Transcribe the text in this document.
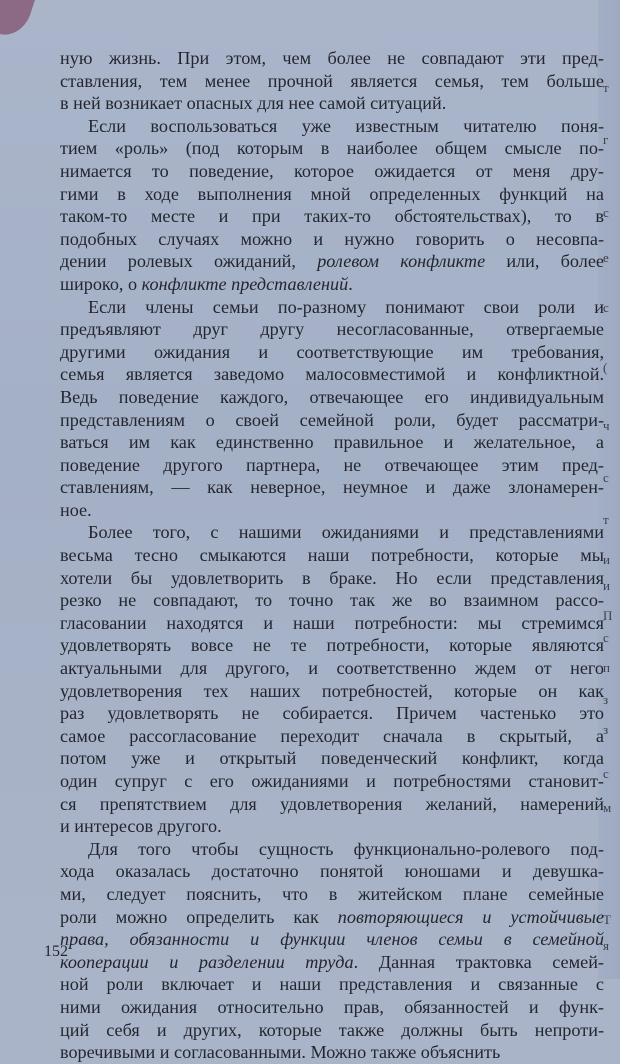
т
г
с
е
с
(
ч
с
т
и
и
П
с
п
з
з
с
м
Т
я
ную жизнь. При этом, чем более не совпадают эти пред-
ставления, тем менее прочной является семья, тем больше
в ней возникает опасных для нее самой ситуаций.
Если воспользоваться уже известным читателю поня-
тием «роль» (под которым в наиболее общем смысле по-
нимается то поведение, которое ожидается от меня дру-
гими в ходе выполнения мной определенных функций на
таком-то месте и при таких-то обстоятельствах), то в
подобных случаях можно и нужно говорить о несовпа-
дении ролевых ожиданий, ролевом конфликте или, более
широко, о конфликте представлений.
Если члены семьи по-разному понимают свои роли и
предъявляют друг другу несогласованные, отвергаемые
другими ожидания и соответствующие им требования,
семья является заведомо малосовместимой и конфликтной.
Ведь поведение каждого, отвечающее его индивидуальным
представлениям о своей семейной роли, будет рассматри-
ваться им как единственно правильное и желательное, а
поведение другого партнера, не отвечающее этим пред-
ставлениям, — как неверное, неумное и даже злонамерен-
ное.
Более того, с нашими ожиданиями и представлениями
весьма тесно смыкаются наши потребности, которые мы
хотели бы удовлетворить в браке. Но если представления
резко не совпадают, то точно так же во взаимном рассо-
гласовании находятся и наши потребности: мы стремимся
удовлетворять вовсе не те потребности, которые являются
актуальными для другого, и соответственно ждем от него
удовлетворения тех наших потребностей, которые он как
раз удовлетворять не собирается. Причем частенько это
самое рассогласование переходит сначала в скрытый, а
потом уже и открытый поведенческий конфликт, когда
один супруг с его ожиданиями и потребностями становит-
ся препятствием для удовлетворения желаний, намерений
и интересов другого.
Для того чтобы сущность функционально-ролевого под-
хода оказалась достаточно понятой юношами и девушка-
ми, следует пояснить, что в житейском плане семейные
роли можно определить как повторяющиеся и устойчивые
права, обязанности и функции членов семьи в семейной
кооперации и разделении труда. Данная трактовка семей-
ной роли включает и наши представления и связанные с
ними ожидания относительно прав, обязанностей и функ-
ций себя и других, которые также должны быть непроти-
воречивыми и согласованными. Можно также объяснить
152
